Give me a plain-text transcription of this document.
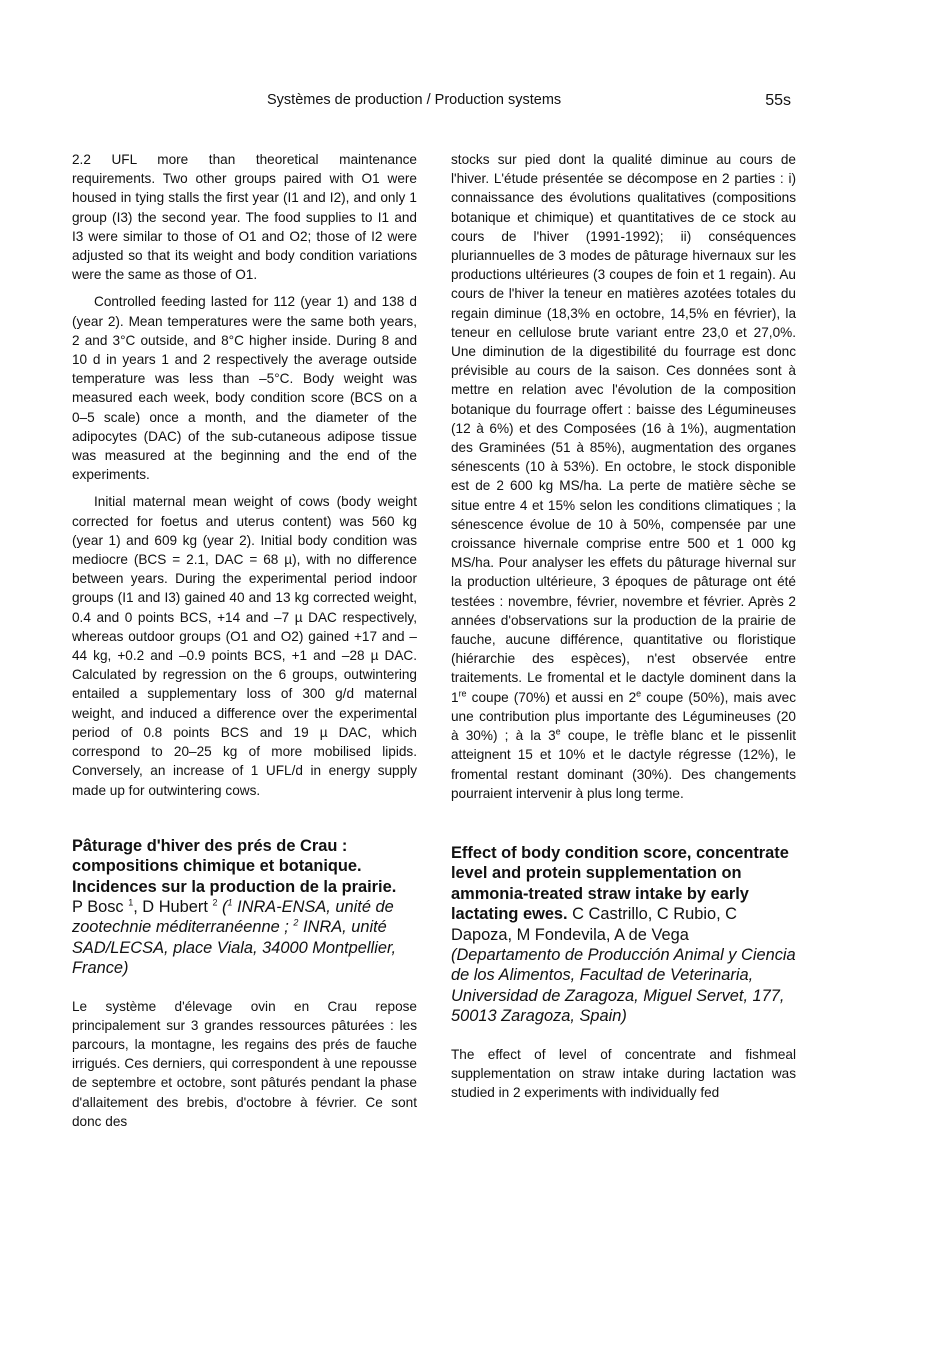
Systèmes de production / Production systems	55s

2.2 UFL more than theoretical maintenance requirements. Two other groups paired with O1 were housed in tying stalls the first year (I1 and I2), and only 1 group (I3) the second year. The food supplies to I1 and I3 were similar to those of O1 and O2; those of I2 were adjusted so that its weight and body condition variations were the same as those of O1.

Controlled feeding lasted for 112 (year 1) and 138 d (year 2). Mean temperatures were the same both years, 2 and 3°C outside, and 8°C higher inside. During 8 and 10 d in years 1 and 2 respectively the average outside temperature was less than –5°C. Body weight was measured each week, body condition score (BCS on a 0–5 scale) once a month, and the diameter of the adipocytes (DAC) of the sub-cutaneous adipose tissue was measured at the beginning and the end of the experiments.

Initial maternal mean weight of cows (body weight corrected for foetus and uterus content) was 560 kg (year 1) and 609 kg (year 2). Initial body condition was mediocre (BCS = 2.1, DAC = 68 µ), with no difference between years. During the experimental period indoor groups (I1 and I3) gained 40 and 13 kg corrected weight, 0.4 and 0 points BCS, +14 and –7 µ DAC respectively, whereas outdoor groups (O1 and O2) gained +17 and –44 kg, +0.2 and –0.9 points BCS, +1 and –28 µ DAC. Calculated by regression on the 6 groups, outwintering entailed a supplementary loss of 300 g/d maternal weight, and induced a difference over the experimental period of 0.8 points BCS and 19 µ DAC, which correspond to 20–25 kg of more mobilised lipids. Conversely, an increase of 1 UFL/d in energy supply made up for outwintering cows.

Pâturage d'hiver des prés de Crau : compositions chimique et botanique. Incidences sur la production de la prairie.
P Bosc $^1$, D Hubert $^2$ ($^1$ INRA-ENSA, unité de zootechnie méditerranéenne ; $^2$ INRA, unité SAD/LECSA, place Viala, 34000 Montpellier, France)

Le système d'élevage ovin en Crau repose principalement sur 3 grandes ressources pâturées : les parcours, la montagne, les regains des prés de fauche irrigués. Ces derniers, qui correspondent à une repousse de septembre et octobre, sont pâturés pendant la phase d'allaitement des brebis, d'octobre à février. Ce sont donc des

stocks sur pied dont la qualité diminue au cours de l'hiver. L'étude présentée se décompose en 2 parties : i) connaissance des évolutions qualitatives (compositions botanique et chimique) et quantitatives de ce stock au cours de l'hiver (1991-1992); ii) conséquences pluriannuelles de 3 modes de pâturage hivernaux sur les productions ultérieures (3 coupes de foin et 1 regain). Au cours de l'hiver la teneur en matières azotées totales du regain diminue (18,3% en octobre, 14,5% en février), la teneur en cellulose brute variant entre 23,0 et 27,0%. Une diminution de la digestibilité du fourrage est donc prévisible au cours de la saison. Ces données sont à mettre en relation avec l'évolution de la composition botanique du fourrage offert : baisse des Légumineuses (12 à 6%) et des Composées (16 à 1%), augmentation des Graminées (51 à 85%), augmentation des organes sénescents (10 à 53%). En octobre, le stock disponible est de 2 600 kg MS/ha. La perte de matière sèche se situe entre 4 et 15% selon les conditions climatiques ; la sénescence évolue de 10 à 50%, compensée par une croissance hivernale comprise entre 500 et 1 000 kg MS/ha. Pour analyser les effets du pâturage hivernal sur la production ultérieure, 3 époques de pâturage ont été testées : novembre, février, novembre et février. Après 2 années d'observations sur la production de la prairie de fauche, aucune différence, quantitative ou floristique (hiérarchie des espèces), n'est observée entre traitements. Le fromental et le dactyle dominent dans la 1re coupe (70%) et aussi en 2e coupe (50%), mais avec une contribution plus importante des Légumineuses (20 à 30%) ; à la 3e coupe, le trèfle blanc et le pissenlit atteignent 15 et 10% et le dactyle régresse (12%), le fromental restant dominant (30%). Des changements pourraient intervenir à plus long terme.

Effect of body condition score, concentrate level and protein supplementation on ammonia-treated straw intake by early lactating ewes. C Castrillo, C Rubio, C Dapoza, M Fondevila, A de Vega (Departamento de Producción Animal y Ciencia de los Alimentos, Facultad de Veterinaria, Universidad de Zaragoza, Miguel Servet, 177, 50013 Zaragoza, Spain)

The effect of level of concentrate and fishmeal supplementation on straw intake during lactation was studied in 2 experiments with individually fed
